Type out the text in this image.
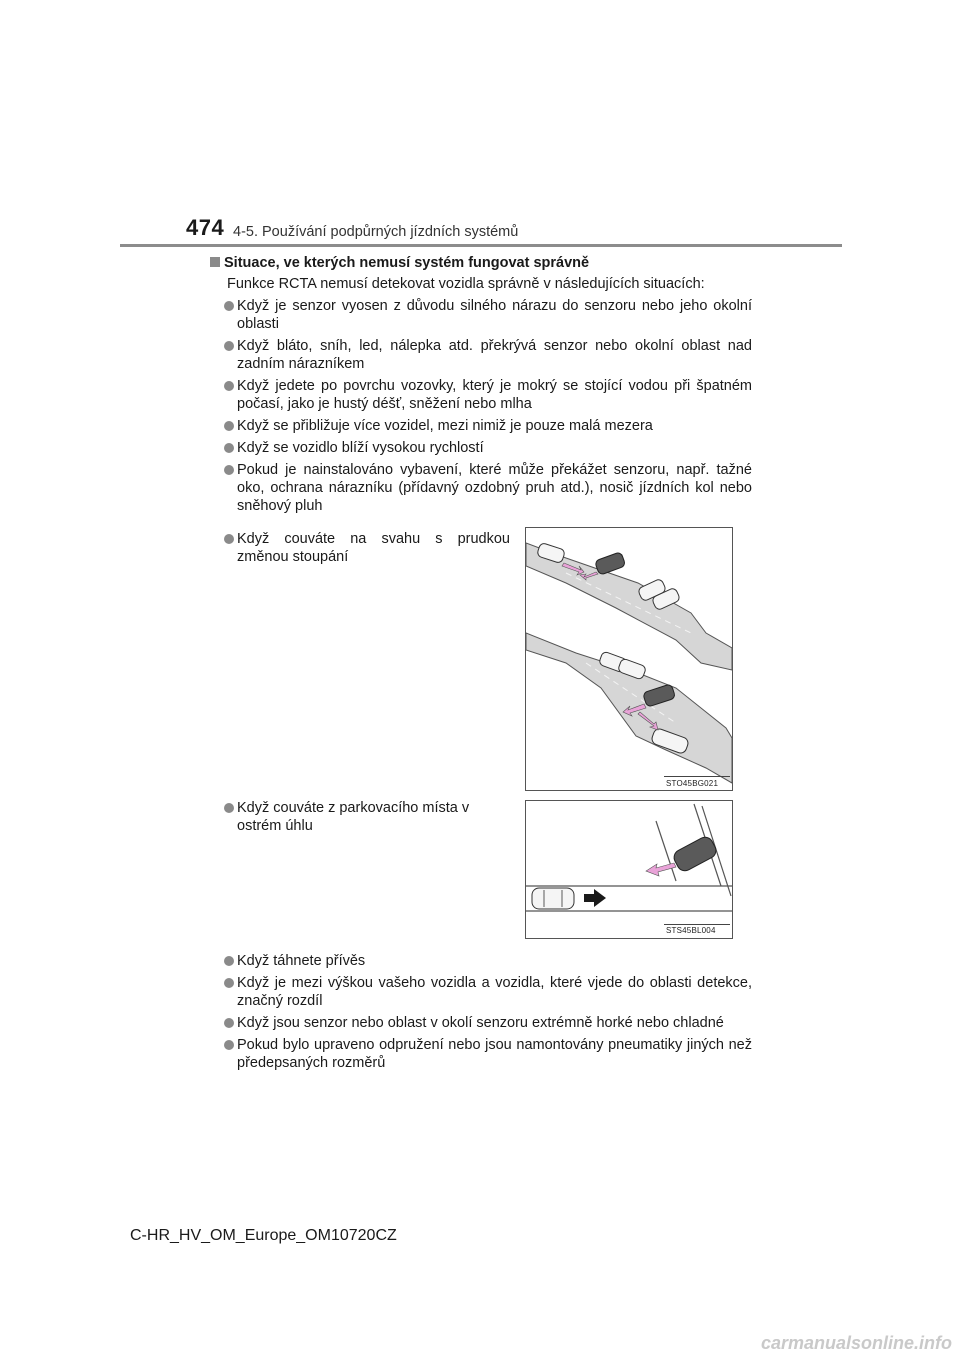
474 4-5. Používání podpůrných jízdních systémů
Situace, ve kterých nemusí systém fungovat správně
Funkce RCTA nemusí detekovat vozidla správně v následujících situacích:
Když je senzor vyosen z důvodu silného nárazu do senzoru nebo jeho okolní oblasti
Když bláto, sníh, led, nálepka atd. překrývá senzor nebo okolní oblast nad zadním nárazníkem
Když jedete po povrchu vozovky, který je mokrý se stojící vodou při špatném počasí, jako je hustý déšť, sněžení nebo mlha
Když se přibližuje více vozidel, mezi nimiž je pouze malá mezera
Když se vozidlo blíží vysokou rychlostí
Pokud je nainstalováno vybavení, které může překážet senzoru, např. tažné oko, ochrana nárazníku (přídavný ozdobný pruh atd.), nosič jízdních kol nebo sněhový pluh
Když couváte na svahu s prudkou změnou stoupání
STO45BG021
Když couváte z parkovacího místa v ostrém úhlu
STS45BL004
Když táhnete přívěs
Když je mezi výškou vašeho vozidla a vozidla, které vjede do oblasti detekce, značný rozdíl
Když jsou senzor nebo oblast v okolí senzoru extrémně horké nebo chladné
Pokud bylo upraveno odpružení nebo jsou namontovány pneumatiky jiných než předepsaných rozměrů
C-HR_HV_OM_Europe_OM10720CZ
carmanualsonline.info
